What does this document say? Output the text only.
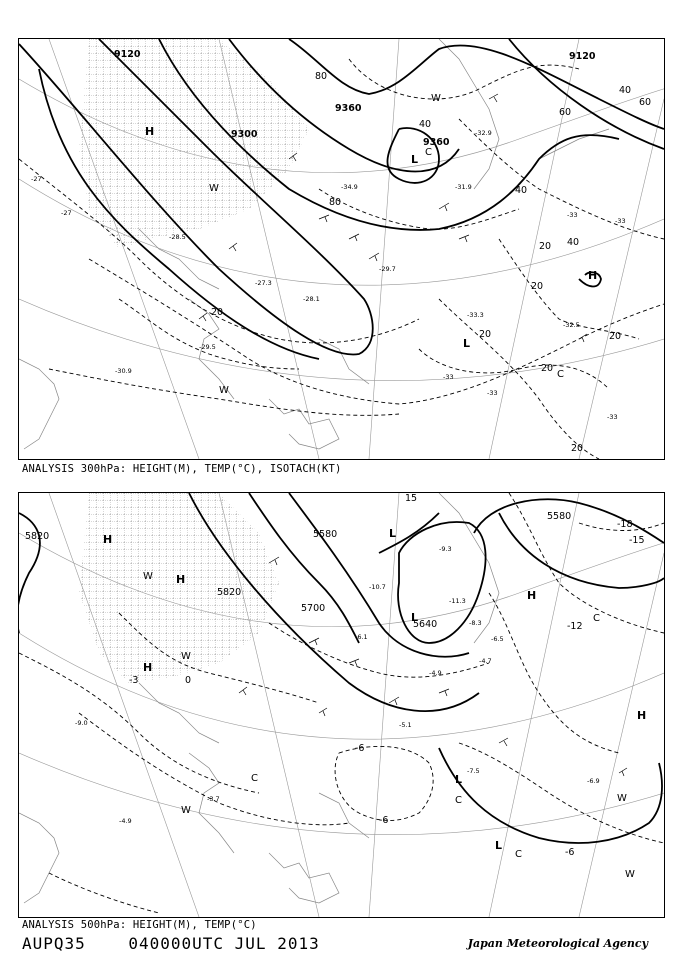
9120
9360
9300
9360
9120
80
80
40
40
40
40
20
20
20
20
20
20
20
60
60
H
H
L
L
W
W
W
C
C
-27
-27
-28.5
-27.3
-28.1
-29.7
-30.9
-29.5
-33.3
-32.5
-33
-33
-33
-31.9
-34.9
-32.9
-33
-33
ANALYSIS 300hPa: HEIGHT(M), TEMP(°C), ISOTACH(KT)
5820
5820
5580
5700
5580
5640
-3	0
-6
-6
-6
-12
-15
-18
15
H
H
H
H
H
L
L
L
L
W
W
W
W
W
C
C
C
C
-7.5
-6.9
-9.3
-10.7
-11.3
-8.3
-6.5
-4.9
-5.1
-6.1
-3.7
-4.9
-9.0
-4.7
ANALYSIS 500hPa: HEIGHT(M), TEMP(°C)
AUPQ35	040000UTC JUL 2013	Japan Meteorological Agency
